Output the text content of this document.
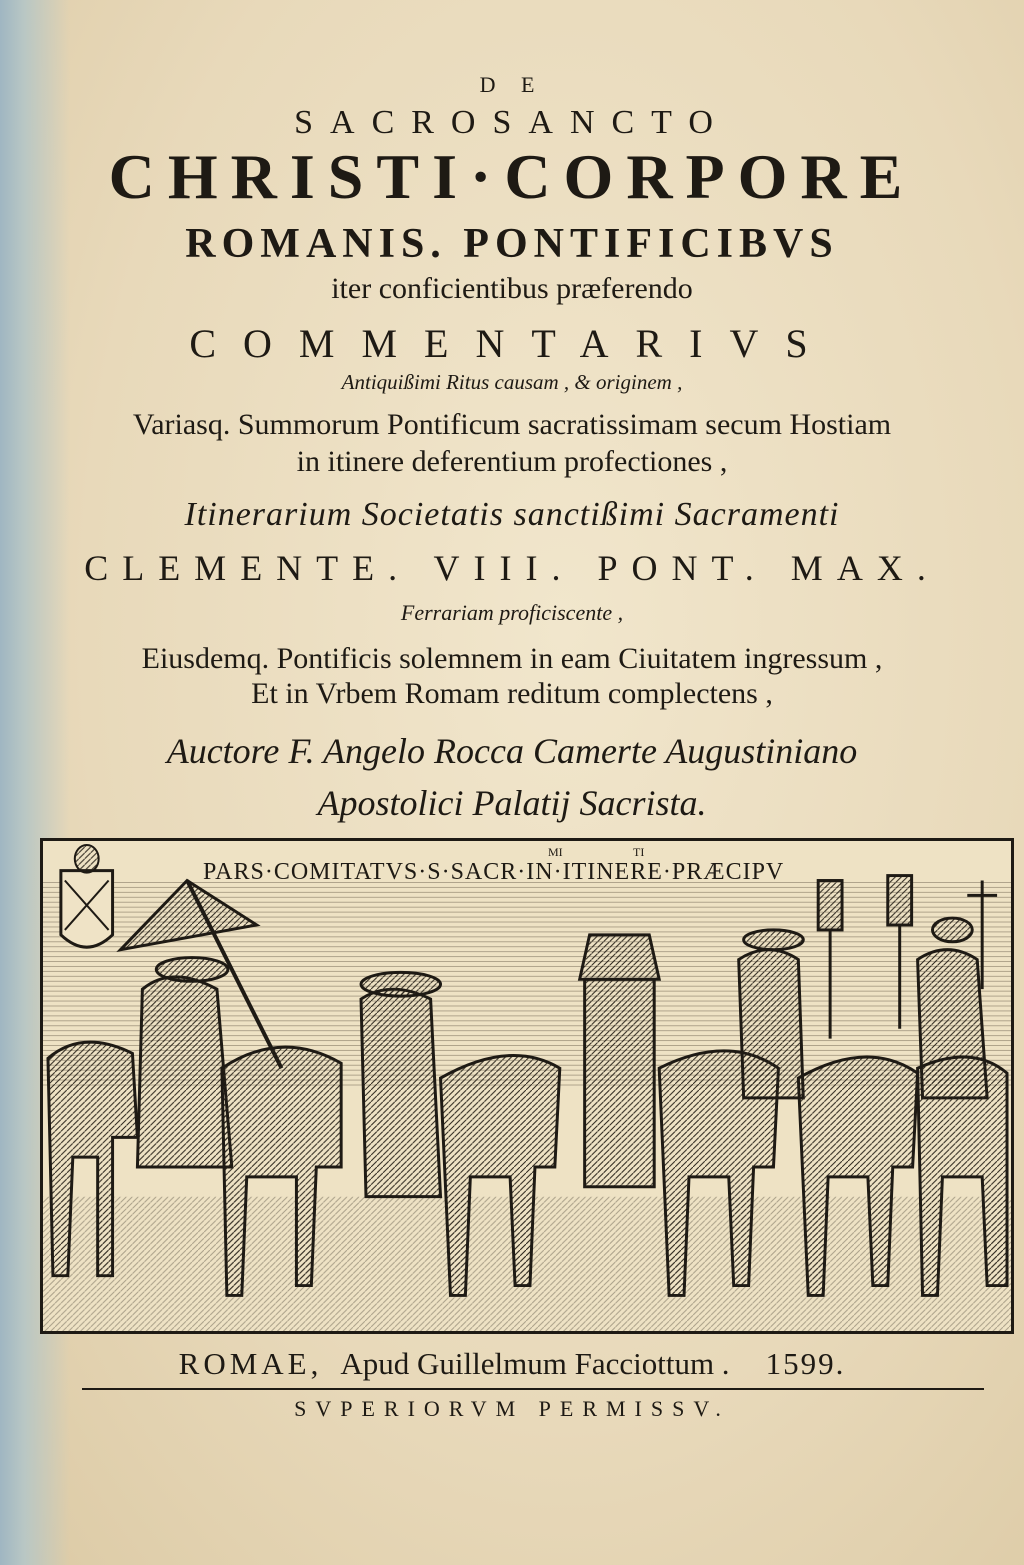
D E
SACROSANCTO
CHRISTI·CORPORE
ROMANIS. PONTIFICIBVS
iter conficientibus præferendo
COMMENTARIVS
Antiquißimi Ritus causam , & originem ,
Variasq. Summorum Pontificum sacratissimam secum Hostiam
in itinere deferentium profectiones ,
Itinerarium Societatis sanctißimi Sacramenti
CLEMENTE. VIII. PONT. MAX.
Ferrariam proficiscente ,
Eiusdemq. Pontificis solemnem in eam Ciuitatem ingressum ,
Et in Vrbem Romam reditum complectens ,
Auctore F. Angelo Rocca Camerte Augustiniano
Apostolici Palatij Sacrista.
PARS·COMITATVS·S·SACR·IN·ITINERE·PRÆCIPV
MI	TI
ROMAE, Apud Guillelmum Facciottum . 1599.
SVPERIORVM PERMISSV.
